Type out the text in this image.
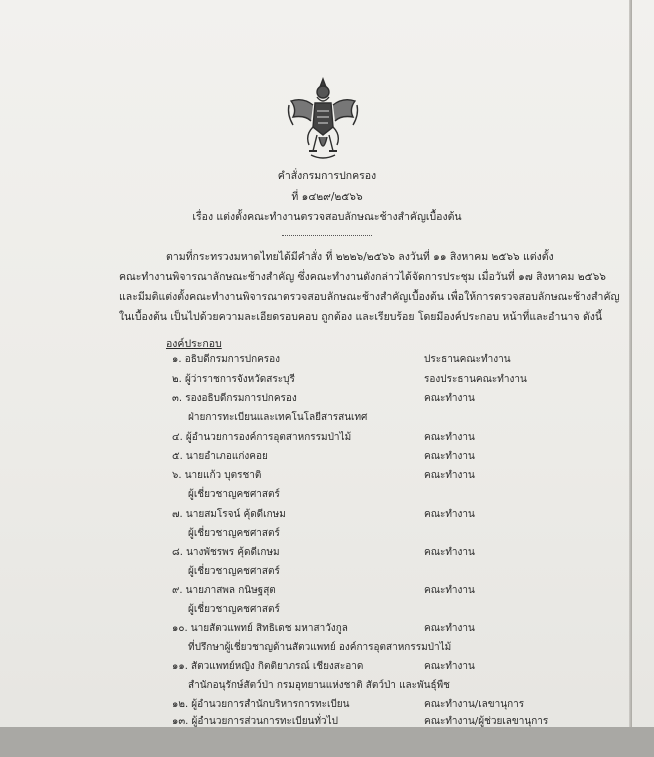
คำสั่งกรมการปกครอง
ที่ ๑๔๒๙/๒๕๖๖
เรื่อง แต่งตั้งคณะทำงานตรวจสอบลักษณะช้างสำคัญเบื้องต้น
ตามที่กระทรวงมหาดไทยได้มีคำสั่ง ที่ ๒๒๒๖/๒๕๖๖ ลงวันที่ ๑๑ สิงหาคม ๒๕๖๖ แต่งตั้ง
คณะทำงานพิจารณาลักษณะช้างสำคัญ ซึ่งคณะทำงานดังกล่าวได้จัดการประชุม เมื่อวันที่ ๑๗ สิงหาคม ๒๕๖๖
และมีมติแต่งตั้งคณะทำงานพิจารณาตรวจสอบลักษณะช้างสำคัญเบื้องต้น เพื่อให้การตรวจสอบลักษณะช้างสำคัญ
ในเบื้องต้น เป็นไปด้วยความละเอียดรอบคอบ ถูกต้อง และเรียบร้อย โดยมีองค์ประกอบ หน้าที่และอำนาจ ดังนี้
องค์ประกอบ
๑. อธิบดีกรมการปกครอง	ประธานคณะทำงาน
๒. ผู้ว่าราชการจังหวัดสระบุรี	รองประธานคณะทำงาน
๓. รองอธิบดีกรมการปกครอง	คณะทำงาน
ฝ่ายการทะเบียนและเทคโนโลยีสารสนเทศ
๔. ผู้อำนวยการองค์การอุตสาหกรรมป่าไม้	คณะทำงาน
๕. นายอำเภอแก่งคอย	คณะทำงาน
๖. นายแก้ว บุตรชาติ	คณะทำงาน
ผู้เชี่ยวชาญคชศาสตร์
๗. นายสมโรจน์ คุ้ดดีเกษม	คณะทำงาน
ผู้เชี่ยวชาญคชศาสตร์
๘. นางพัชรพร คุ้ดดีเกษม	คณะทำงาน
ผู้เชี่ยวชาญคชศาสตร์
๙. นายภาสพล กนิษฐสุต	คณะทำงาน
ผู้เชี่ยวชาญคชศาสตร์
๑๐. นายสัตวแพทย์ สิทธิเดช มหาสาวังกูล	คณะทำงาน
ที่ปรึกษาผู้เชี่ยวชาญด้านสัตวแพทย์ องค์การอุตสาหกรรมป่าไม้
๑๑. สัตวแพทย์หญิง กิตติยาภรณ์ เชียงสะอาด	คณะทำงาน
สำนักอนุรักษ์สัตว์ป่า กรมอุทยานแห่งชาติ สัตว์ป่า และพันธุ์พืช
๑๒. ผู้อำนวยการสำนักบริหารการทะเบียน	คณะทำงาน/เลขานุการ
๑๓. ผู้อำนวยการส่วนการทะเบียนทั่วไป	คณะทำงาน/ผู้ช่วยเลขานุการ
